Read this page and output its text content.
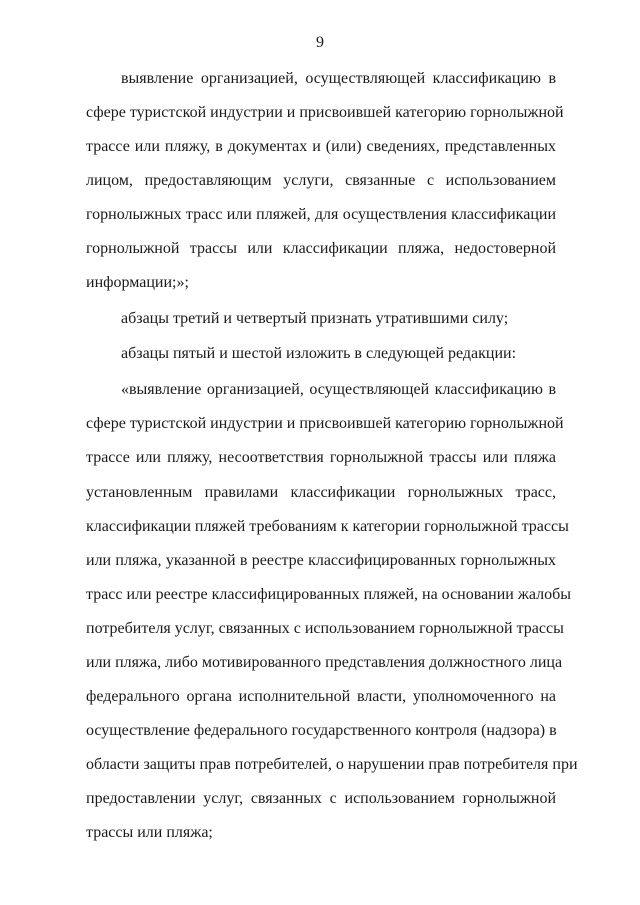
9
выявление организацией, осуществляющей классификацию в
сфере туристской индустрии и присвоившей категорию горнолыжной
трассе или пляжу, в документах и (или) сведениях, представленных
лицом, предоставляющим услуги, связанные с использованием
горнолыжных трасс или пляжей, для осуществления классификации
горнолыжной трассы или классификации пляжа, недостоверной
информации;»;
абзацы третий и четвертый признать утратившими силу;
абзацы пятый и шестой изложить в следующей редакции:
«выявление организацией, осуществляющей классификацию в
сфере туристской индустрии и присвоившей категорию горнолыжной
трассе или пляжу, несоответствия горнолыжной трассы или пляжа
установленным правилами классификации горнолыжных трасс,
классификации пляжей требованиям к категории горнолыжной трассы
или пляжа, указанной в реестре классифицированных горнолыжных
трасс или реестре классифицированных пляжей, на основании жалобы
потребителя услуг, связанных с использованием горнолыжной трассы
или пляжа, либо мотивированного представления должностного лица
федерального органа исполнительной власти, уполномоченного на
осуществление федерального государственного контроля (надзора) в
области защиты прав потребителей, о нарушении прав потребителя при
предоставлении услуг, связанных с использованием горнолыжной
трассы или пляжа;
